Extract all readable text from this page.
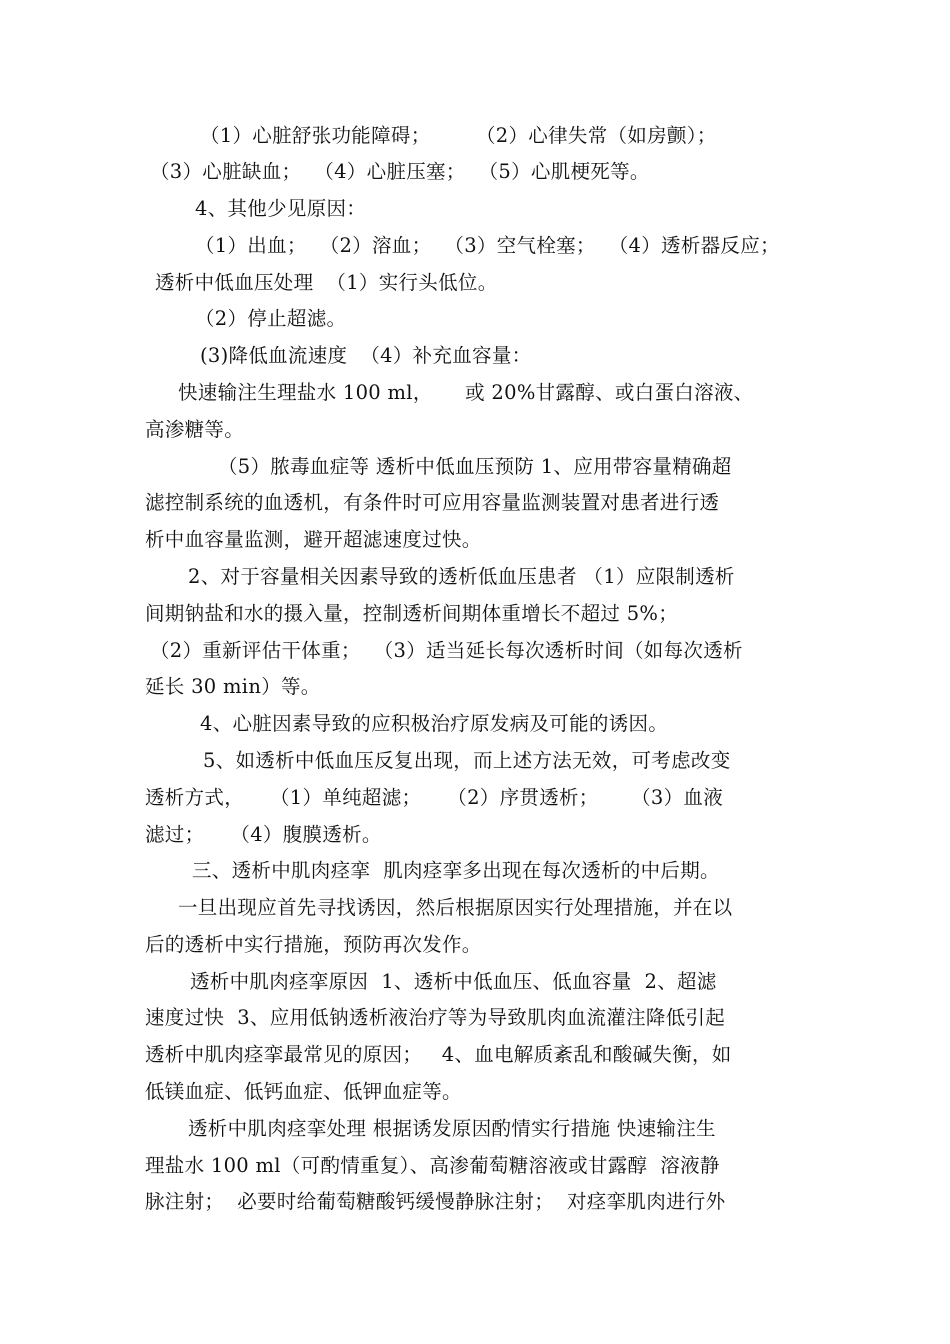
（1）心脏舒张功能障碍；       （2）心律失常（如房颤）；
（3）心脏缺血；  （4）心脏压塞；  （5）心肌梗死等。
4、其他少见原因：
（1）出血；  （2）溶血；  （3）空气栓塞；  （4）透析器反应；
透析中低血压处理  （1）实行头低位。
（2）停止超滤。
(3)降低血流速度  （4）补充血容量：
快速输注生理盐水 100 ml，     或 20%甘露醇、或白蛋白溶液、
高渗糖等。
（5）脓毒血症等 透析中低血压预防 1、应用带容量精确超
滤控制系统的血透机，有条件时可应用容量监测装置对患者进行透
析中血容量监测，避开超滤速度过快。
2、对于容量相关因素导致的透析低血压患者 （1）应限制透析
间期钠盐和水的摄入量，控制透析间期体重增长不超过 5%；
（2）重新评估干体重；  （3）适当延长每次透析时间（如每次透析
延长 30 min）等。
4、心脏因素导致的应积极治疗原发病及可能的诱因。
5、如透析中低血压反复出现，而上述方法无效，可考虑改变
透析方式，    （1）单纯超滤；    （2）序贯透析；     （3）血液
滤过；    （4）腹膜透析。
三、透析中肌肉痉挛  肌肉痉挛多出现在每次透析的中后期。
一旦出现应首先寻找诱因，然后根据原因实行处理措施，并在以
后的透析中实行措施，预防再次发作。
透析中肌肉痉挛原因  1、透析中低血压、低血容量  2、超滤
速度过快  3、应用低钠透析液治疗等为导致肌肉血流灌注降低引起
透析中肌肉痉挛最常见的原因；   4、血电解质紊乱和酸碱失衡，如
低镁血症、低钙血症、低钾血症等。
透析中肌肉痉挛处理 根据诱发原因酌情实行措施 快速输注生
理盐水 100 ml（可酌情重复）、高渗葡萄糖溶液或甘露醇  溶液静
脉注射；  必要时给葡萄糖酸钙缓慢静脉注射；  对痉挛肌肉进行外
